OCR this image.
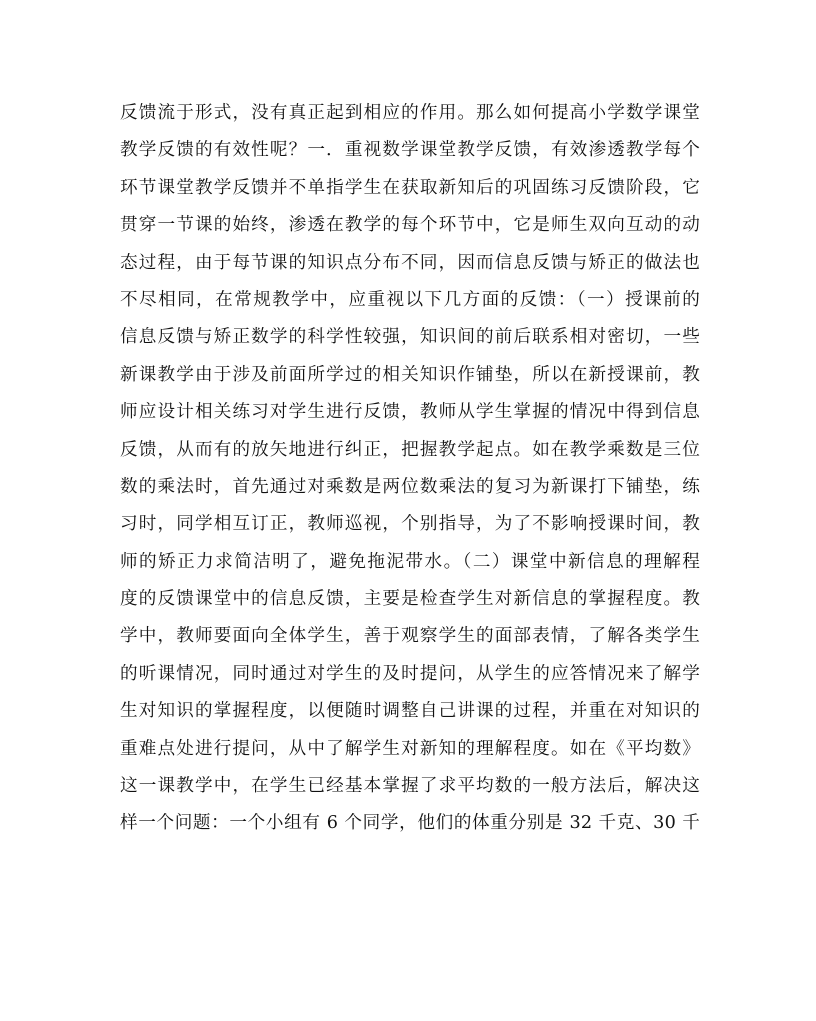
反馈流于形式，没有真正起到相应的作用。那么如何提高小学数学课堂
教学反馈的有效性呢？一．重视数学课堂教学反馈，有效渗透教学每个
环节课堂教学反馈并不单指学生在获取新知后的巩固练习反馈阶段，它
贯穿一节课的始终，渗透在教学的每个环节中，它是师生双向互动的动
态过程，由于每节课的知识点分布不同，因而信息反馈与矫正的做法也
不尽相同，在常规教学中，应重视以下几方面的反馈：（一）授课前的
信息反馈与矫正数学的科学性较强，知识间的前后联系相对密切，一些
新课教学由于涉及前面所学过的相关知识作铺垫，所以在新授课前，教
师应设计相关练习对学生进行反馈，教师从学生掌握的情况中得到信息
反馈，从而有的放矢地进行纠正，把握教学起点。如在教学乘数是三位
数的乘法时，首先通过对乘数是两位数乘法的复习为新课打下铺垫，练
习时，同学相互订正，教师巡视，个别指导，为了不影响授课时间，教
师的矫正力求简洁明了，避免拖泥带水。（二）课堂中新信息的理解程
度的反馈课堂中的信息反馈，主要是检查学生对新信息的掌握程度。教
学中，教师要面向全体学生，善于观察学生的面部表情，了解各类学生
的听课情况，同时通过对学生的及时提问，从学生的应答情况来了解学
生对知识的掌握程度，以便随时调整自己讲课的过程，并重在对知识的
重难点处进行提问，从中了解学生对新知的理解程度。如在《平均数》
这一课教学中，在学生已经基本掌握了求平均数的一般方法后，解决这
样一个问题：一个小组有 6 个同学，他们的体重分别是 32 千克、30 千
